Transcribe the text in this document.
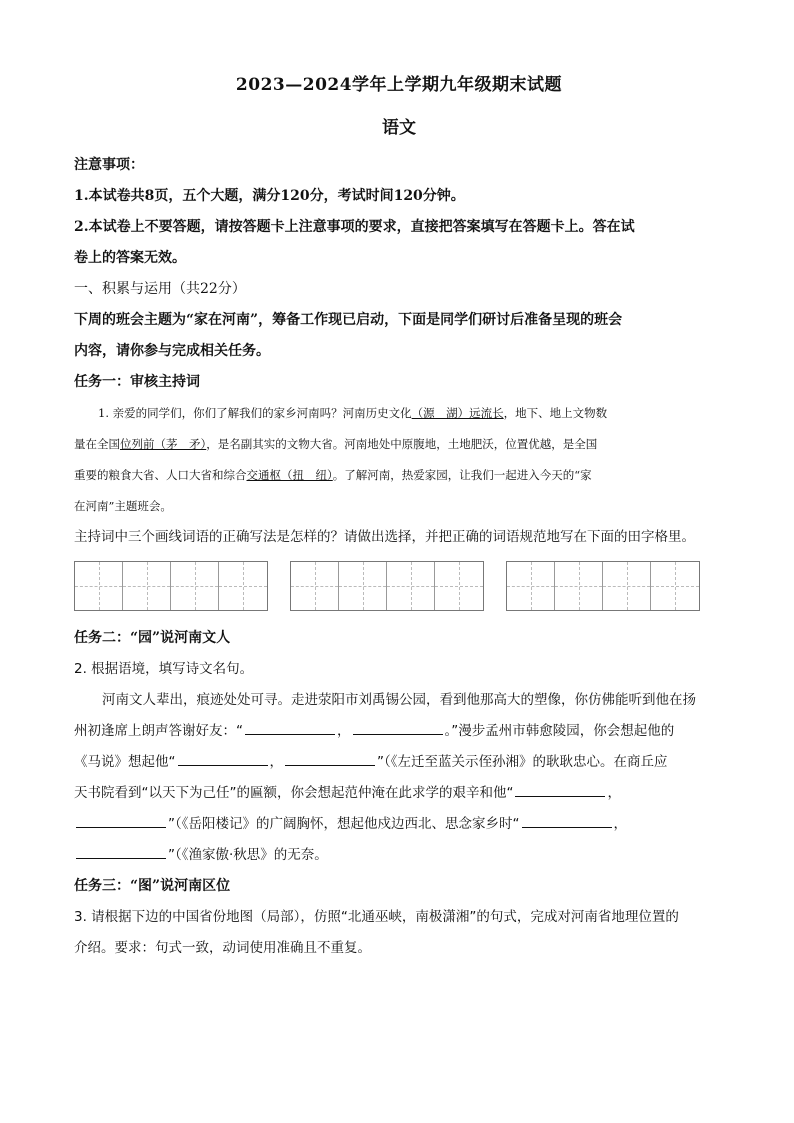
2023—2024学年上学期九年级期末试题
语文

注意事项：

1.本试卷共8页，五个大题，满分120分，考试时间120分钟。

2.本试卷上不要答题，请按答题卡上注意事项的要求，直接把答案填写在答题卡上。答在试

卷上的答案无效。

一、积累与运用（共22分）

下周的班会主题为“家在河南”，筹备工作现已启动，下面是同学们研讨后准备呈现的班会

内容，请你参与完成相关任务。

任务一：审核主持词

1. 亲爱的同学们，你们了解我们的家乡河南吗？河南历史文化（源　湖）远流长，地下、地上文物数

量在全国位列前（茅　矛），是名副其实的文物大省。河南地处中原腹地，土地肥沃，位置优越，是全国

重要的粮食大省、人口大省和综合交通枢（扭　纽）。了解河南，热爱家园，让我们一起进入今天的“家

在河南”主题班会。

主持词中三个画线词语的正确写法是怎样的？请做出选择，并把正确的词语规范地写在下面的田字格里。

任务二：“园”说河南文人

2. 根据语境，填写诗文名句。

河南文人辈出，痕迹处处可寻。走进荥阳市刘禹锡公园，看到他那高大的塑像，你仿佛能听到他在扬

州初逢席上朗声答谢好友：“	，	。”漫步孟州市韩愈陵园，你会想起他的

《马说》想起他“	，	”（《左迁至蓝关示侄孙湘》的耿耿忠心。在商丘应

天书院看到“以天下为己任”的匾额，你会想起范仲淹在此求学的艰辛和他“	，

”（《岳阳楼记》的广阔胸怀，想起他戍边西北、思念家乡时“	，

”（《渔家傲·秋思》的无奈。

任务三：“图”说河南区位

3. 请根据下边的中国省份地图（局部），仿照“北通巫峡，南极潇湘”的句式，完成对河南省地理位置的

介绍。要求：句式一致，动词使用准确且不重复。
